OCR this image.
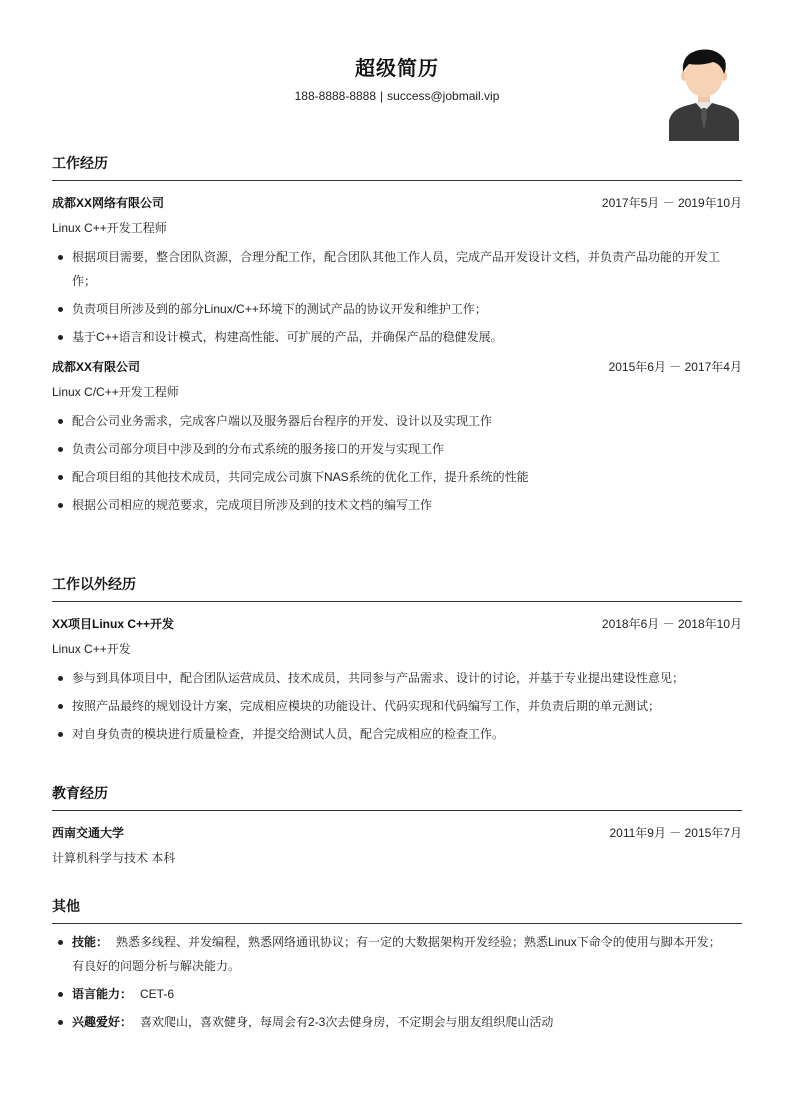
超级简历
188-8888-8888 | success@jobmail.vip
工作经历
成都XX网络有限公司	2017年5月 － 2019年10月
Linux C++开发工程师
根据项目需要，整合团队资源，合理分配工作，配合团队其他工作人员，完成产品开发设计文档，并负责产品功能的开发工作；
负责项目所涉及到的部分Linux/C++环境下的测试产品的协议开发和维护工作；
基于C++语言和设计模式，构建高性能、可扩展的产品，并确保产品的稳健发展。
成都XX有限公司	2015年6月 － 2017年4月
Linux C/C++开发工程师
配合公司业务需求，完成客户端以及服务器后台程序的开发、设计以及实现工作
负责公司部分项目中涉及到的分布式系统的服务接口的开发与实现工作
配合项目组的其他技术成员，共同完成公司旗下NAS系统的优化工作，提升系统的性能
根据公司相应的规范要求，完成项目所涉及到的技术文档的编写工作
工作以外经历
XX项目Linux C++开发	2018年6月 － 2018年10月
Linux C++开发
参与到具体项目中，配合团队运营成员、技术成员，共同参与产品需求、设计的讨论，并基于专业提出建设性意见；
按照产品最终的规划设计方案，完成相应模块的功能设计、代码实现和代码编写工作，并负责后期的单元测试；
对自身负责的模块进行质量检查，并提交给测试人员，配合完成相应的检查工作。
教育经历
西南交通大学	2011年9月 － 2015年7月
计算机科学与技术 本科
其他
技能： 熟悉多线程、并发编程，熟悉网络通讯协议；有一定的大数据架构开发经验；熟悉Linux下命令的使用与脚本开发；有良好的问题分析与解决能力。
语言能力： CET-6
兴趣爱好： 喜欢爬山，喜欢健身，每周会有2-3次去健身房，不定期会与朋友组织爬山活动
